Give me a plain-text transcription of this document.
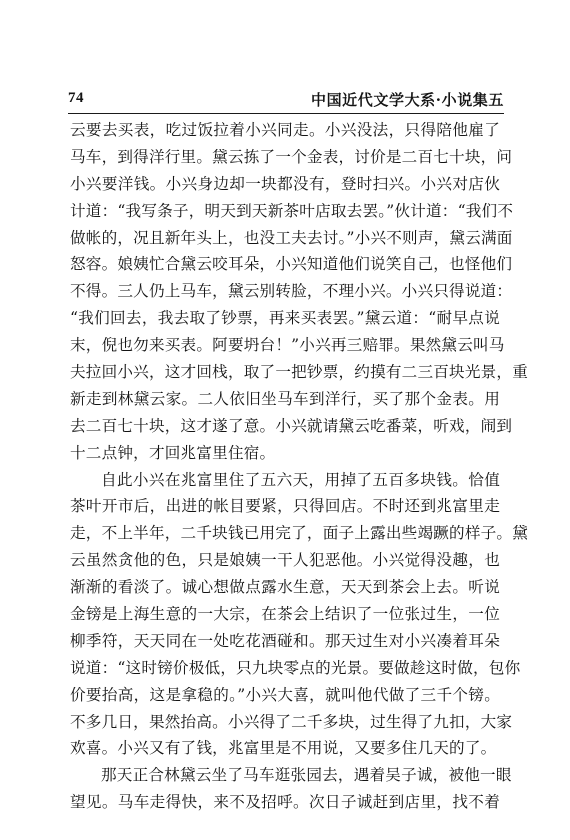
74	中国近代文学大系·小说集五
云要去买表，吃过饭拉着小兴同走。小兴没法，只得陪他雇了
马车，到得洋行里。黛云拣了一个金表，讨价是二百七十块，问
小兴要洋钱。小兴身边却一块都没有，登时扫兴。小兴对店伙
计道：“我写条子，明天到天新茶叶店取去罢。”伙计道：“我们不
做帐的，况且新年头上，也没工夫去讨。”小兴不则声，黛云满面
怒容。娘姨忙合黛云咬耳朵，小兴知道他们说笑自己，也怪他们
不得。三人仍上马车，黛云别转脸，不理小兴。小兴只得说道：
“我们回去，我去取了钞票，再来买表罢。”黛云道：“耐早点说
末，倪也勿来买表。阿要坍台！”小兴再三赔罪。果然黛云叫马
夫拉回小兴，这才回栈，取了一把钞票，约摸有二三百块光景，重
新走到林黛云家。二人依旧坐马车到洋行，买了那个金表。用
去二百七十块，这才遂了意。小兴就请黛云吃番菜，听戏，闹到
十二点钟，才回兆富里住宿。
自此小兴在兆富里住了五六天，用掉了五百多块钱。恰值
茶叶开市后，出进的帐目要紧，只得回店。不时还到兆富里走
走，不上半年，二千块钱已用完了，面子上露出些竭蹶的样子。黛
云虽然贪他的色，只是娘姨一干人犯恶他。小兴觉得没趣，也
渐渐的看淡了。诚心想做点露水生意，天天到茶会上去。听说
金镑是上海生意的一大宗，在茶会上结识了一位张过生，一位
柳季符，天天同在一处吃花酒碰和。那天过生对小兴凑着耳朵
说道：“这时镑价极低，只九块零点的光景。要做趁这时做，包你
价要抬高，这是拿稳的。”小兴大喜，就叫他代做了三千个镑。
不多几日，果然抬高。小兴得了二千多块，过生得了九扣，大家
欢喜。小兴又有了钱，兆富里是不用说，又要多住几天的了。
那天正合林黛云坐了马车逛张园去，遇着吴子诚，被他一眼
望见。马车走得快，来不及招呼。次日子诚赶到店里，找不着
